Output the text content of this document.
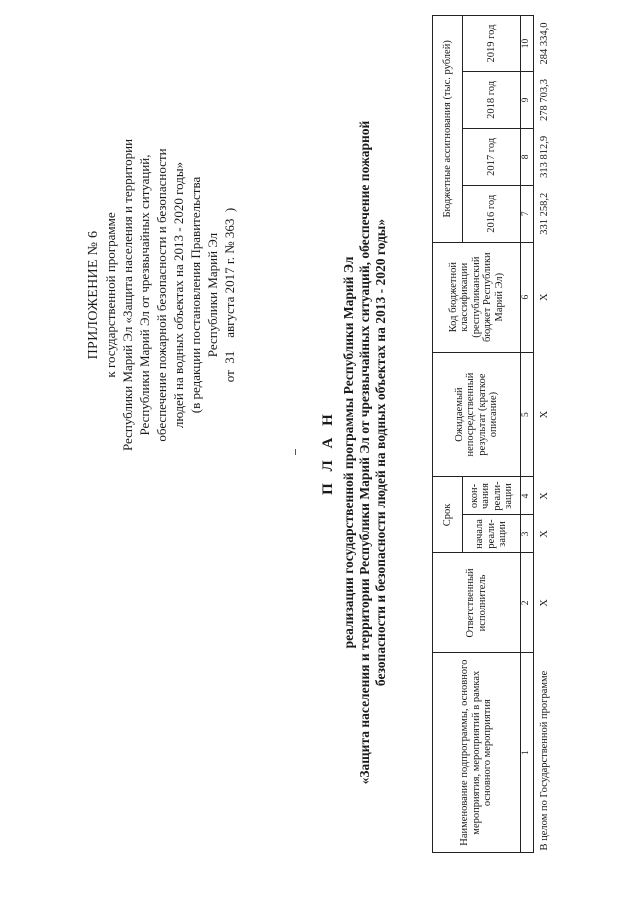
ПРИЛОЖЕНИЕ № 6 к государственной программе Республики Марий Эл «Защита населения и территории Республики Марий Эл от чрезвычайных ситуаций, обеспечение пожарной безопасности и безопасности людей на водных объектах на 2013 - 2020 годы» (в редакции постановления Правительства Республики Марий Эл от  31    августа 2017 г. № 363  )
П Л А Н реализации государственной программы Республики Марий Эл «Защита населения и территории Республики Марий Эл от чрезвычайных ситуаций, обеспечение пожарной безопасности и безопасности людей на водных объектах на 2013 - 2020 годы»
Наименование подпрограммы, основного мероприятия, мероприятий в рамках основного мероприятия	Ответственный исполнитель	Срок		Ожидаемый непосредственный результат (краткое описание)	Код бюджетной классификации (республиканский бюджет Республики Марий Эл)	Бюджетные ассигнования (тыс. рублей)			
		начала реали-зации	окон-чания реали-зации			2016 год	2017 год	2018 год	2019 год
1	2	3	4	5	6	7	8	9	10
В целом по Государственной программе	X	X	X	X	X	331 258,2	313 812,9	278 703,3	284 334,0
